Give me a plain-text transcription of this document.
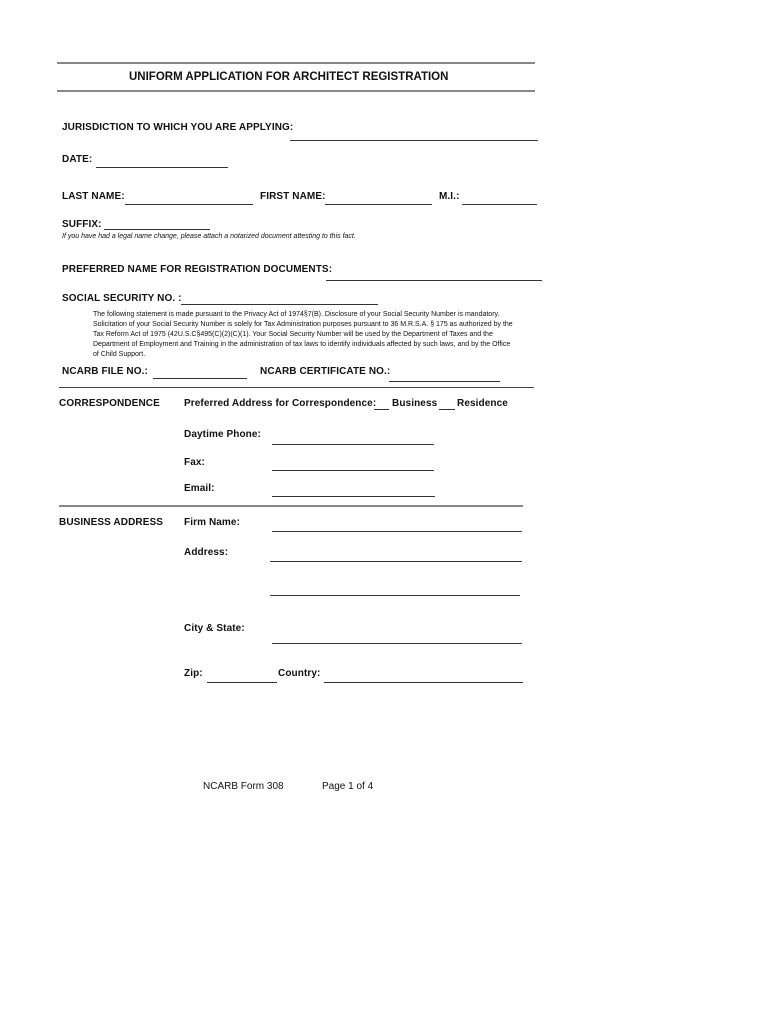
UNIFORM APPLICATION FOR ARCHITECT REGISTRATION
JURISDICTION TO WHICH YOU ARE APPLYING:
DATE:
LAST NAME:	FIRST NAME:	M.I.:
SUFFIX:
If you have had a legal name change, please attach a notarized document attesting to this fact.
PREFERRED NAME FOR REGISTRATION DOCUMENTS:
SOCIAL SECURITY NO. :
The following statement is made pursuant to the Privacy Act of 1974§7(B). Disclosure of your Social Security Number is mandatory. Solicitation of your Social Security Number is solely for Tax Administration purposes pursuant to 36 M.R.S.A. § 175 as authorized by the Tax Reform Act of 1975 (42U.S.C§495(C)(2)(C)(1). Your Social Security Number will be used by the Department of Taxes and the Department of Employment and Training in the administration of tax laws to identify individuals affected by such laws, and by the Office of Child Support.
NCARB FILE NO.:	NCARB CERTIFICATE NO.:
CORRESPONDENCE Preferred Address for Correspondence: Business Residence
Daytime Phone:
Fax:
Email:
BUSINESS ADDRESS Firm Name:
Address:
City & State:
Zip:	Country:
NCARB Form 308	Page 1 of 4
